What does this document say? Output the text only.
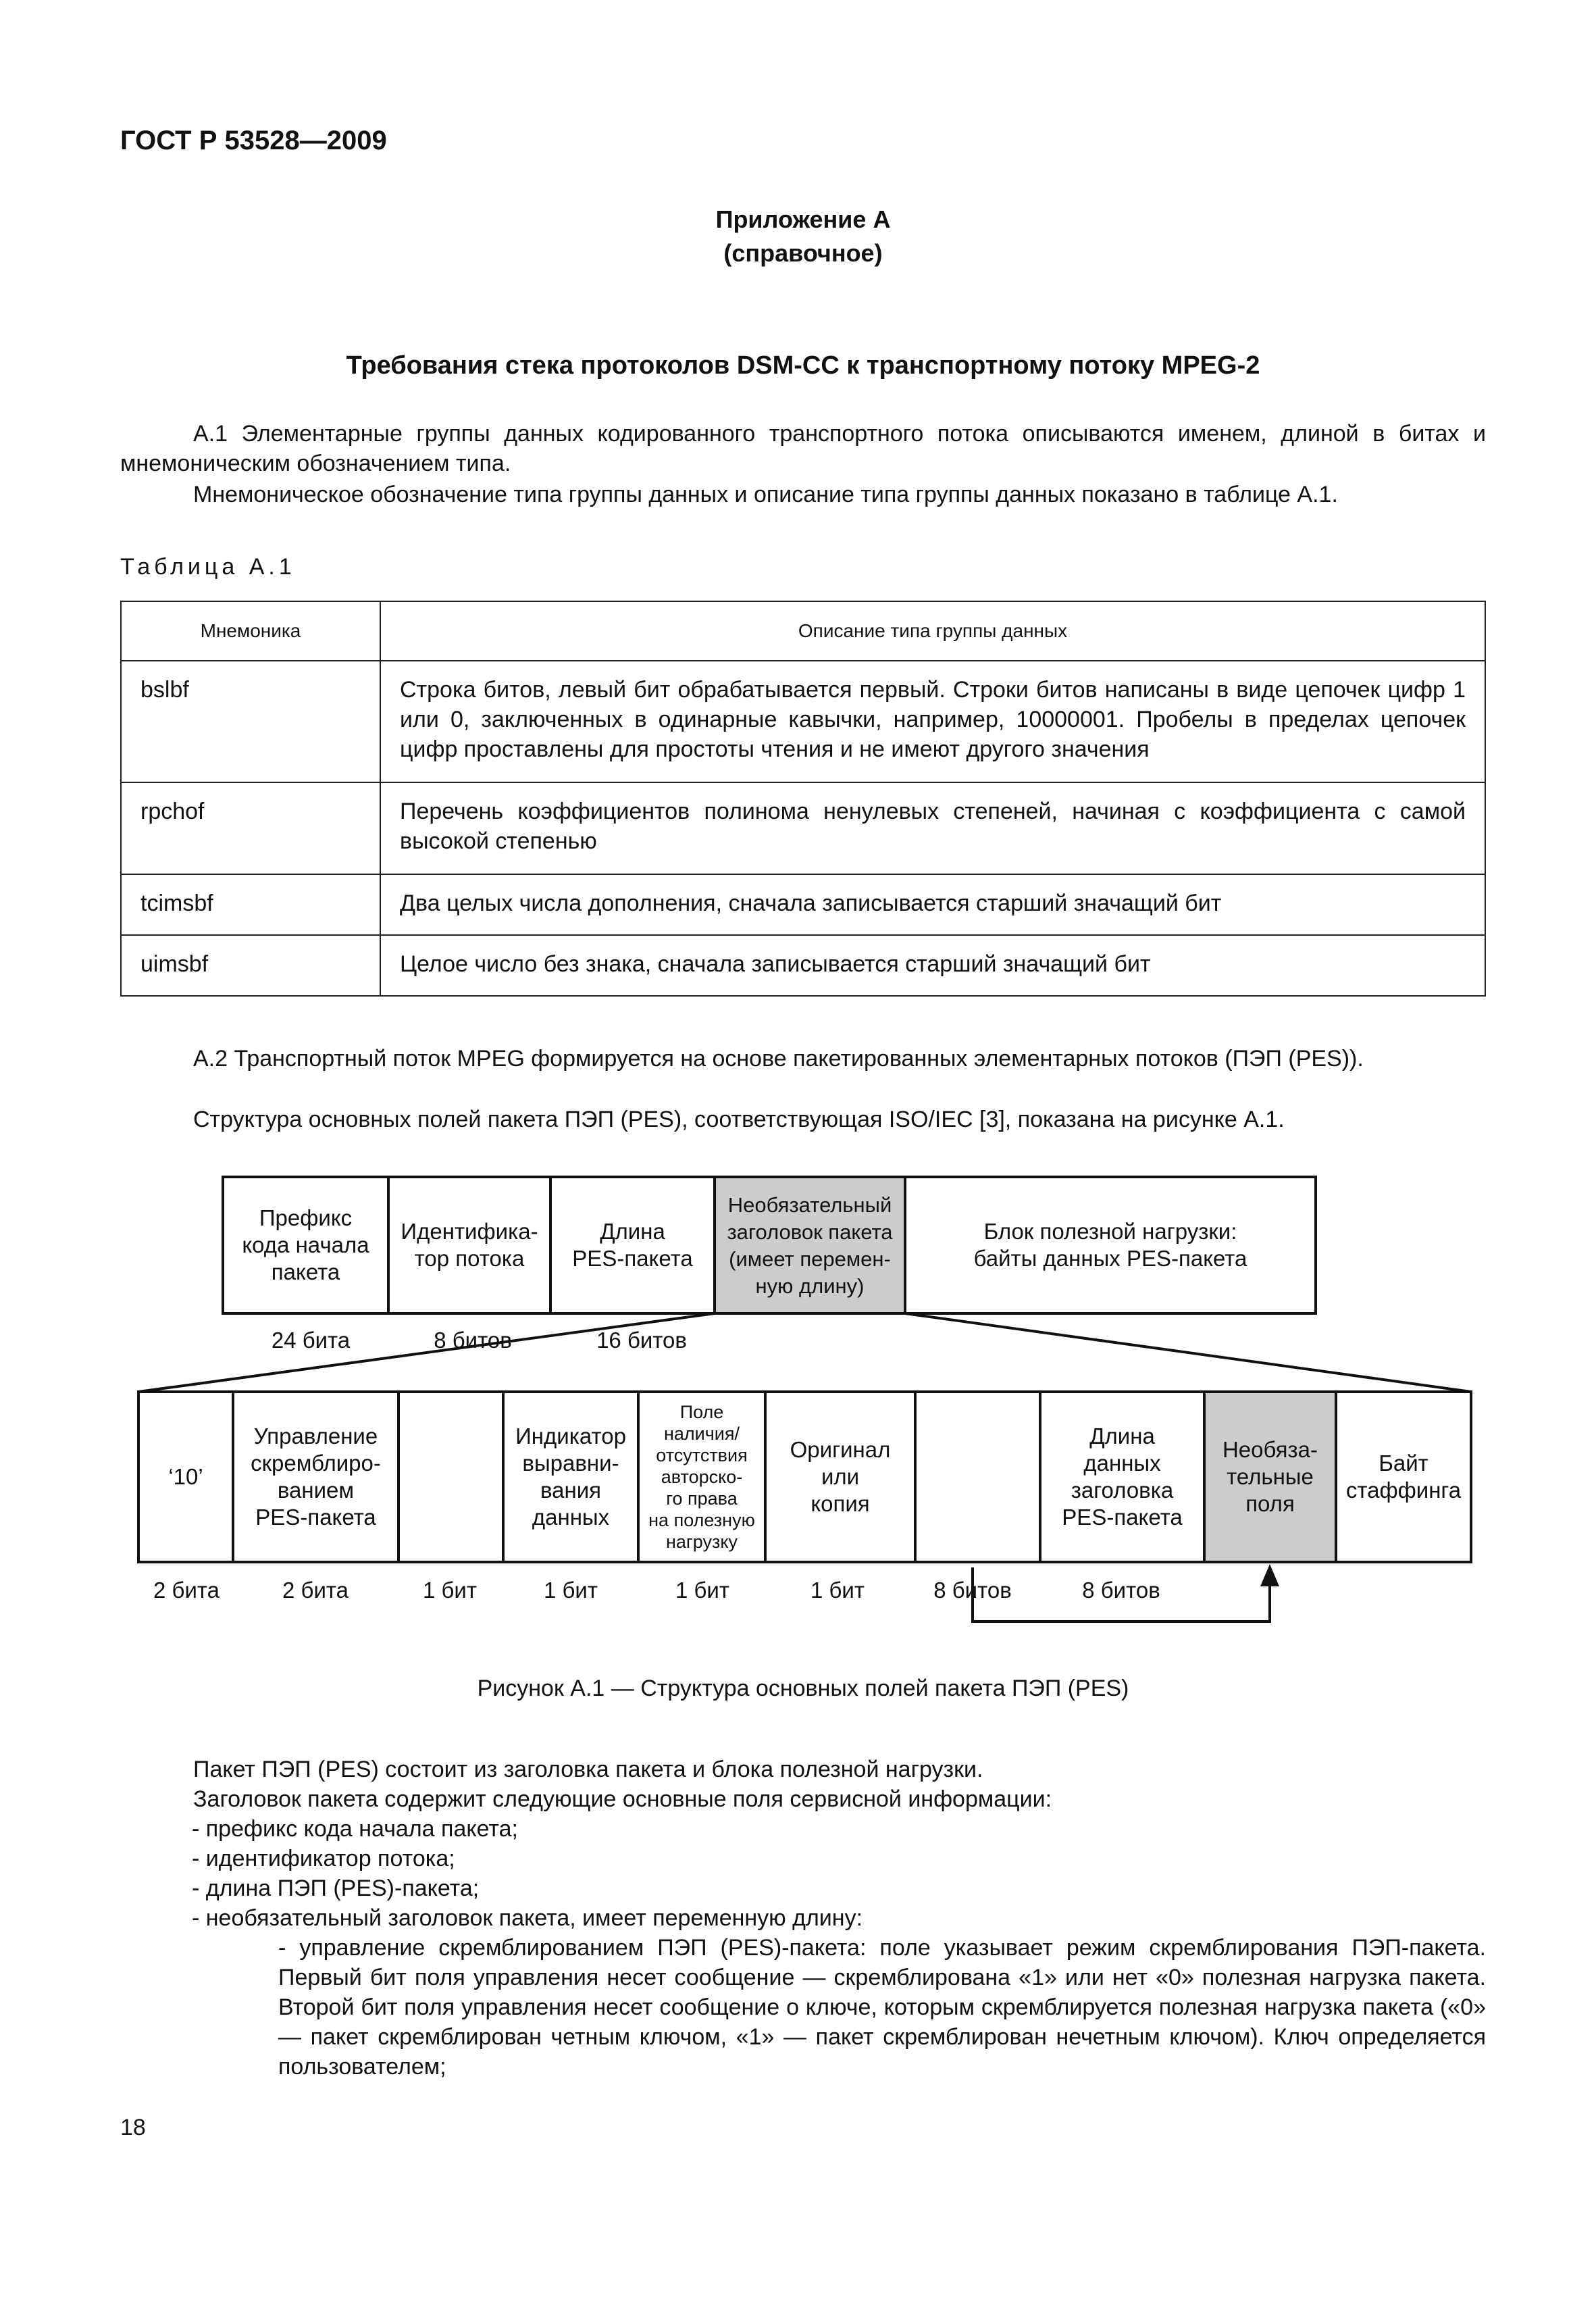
ГОСТ Р 53528—2009
Приложение А
(справочное)
Требования стека протоколов DSM-CC к транспортному потоку MPEG-2
А.1 Элементарные группы данных кодированного транспортного потока описываются именем, длиной в битах и мнемоническим обозначением типа.
Мнемоническое обозначение типа группы данных и описание типа группы данных показано в таблице А.1.
Таблица А.1
Мнемоника	Описание типа группы данных

bslbf	Строка битов, левый бит обрабатывается первый. Строки битов написаны в виде цепочек цифр 1 или 0, заключенных в одинарные кавычки, например, 10000001. Пробелы в пределах цепочек цифр проставлены для простоты чтения и не имеют другого значения

rpchof	Перечень коэффициентов полинома ненулевых степеней, начиная с коэффициента с самой высокой степенью

tcimsbf	Два целых числа дополнения, сначала записывается старший значащий бит

uimsbf	Целое число без знака, сначала записывается старший значащий бит
А.2 Транспортный поток MPEG формируется на основе пакетированных элементарных потоков (ПЭП (PES)).
Структура основных полей пакета ПЭП (PES), соответствующая ISO/IEC [3], показана на рисунке А.1.
Префикс
кода начала
пакета
Идентифика-
тор потока
Длина
PES-пакета
Необязательный
заголовок пакета
(имеет перемен-
ную длину)
Блок полезной нагрузки:
байты данных PES-пакета
24 бита	8 битов	16 битов
‘10’
Управление
скремблиро-
ванием
PES-пакета
Индикатор
выравни-
вания
данных
Поле
наличия/
отсутствия
авторско-
го права
на полезную
нагрузку
Оригинал
или
копия
Длина
данных
заголовка
PES-пакета
Необяза-
тельные
поля
Байт
стаффинга
2 бита	2 бита	1 бит	1 бит	1 бит	1 бит	8 битов	8 битов
Рисунок А.1 — Структура основных полей пакета ПЭП (PES)
Пакет ПЭП (PES) состоит из заголовка пакета и блока полезной нагрузки.
Заголовок пакета содержит следующие основные поля сервисной информации:
- префикс кода начала пакета;
- идентификатор потока;
- длина ПЭП (PES)-пакета;
- необязательный заголовок пакета, имеет переменную длину:
- управление скремблированием ПЭП (PES)-пакета: поле указывает режим скремблирования ПЭП-пакета. Первый бит поля управления несет сообщение — скремблирована «1» или нет «0» полезная нагрузка пакета. Второй бит поля управления несет сообщение о ключе, которым скремблируется полезная нагрузка пакета («0» — пакет скремблирован четным ключом, «1» — пакет скремблирован нечетным ключом). Ключ определяется пользователем;
18
